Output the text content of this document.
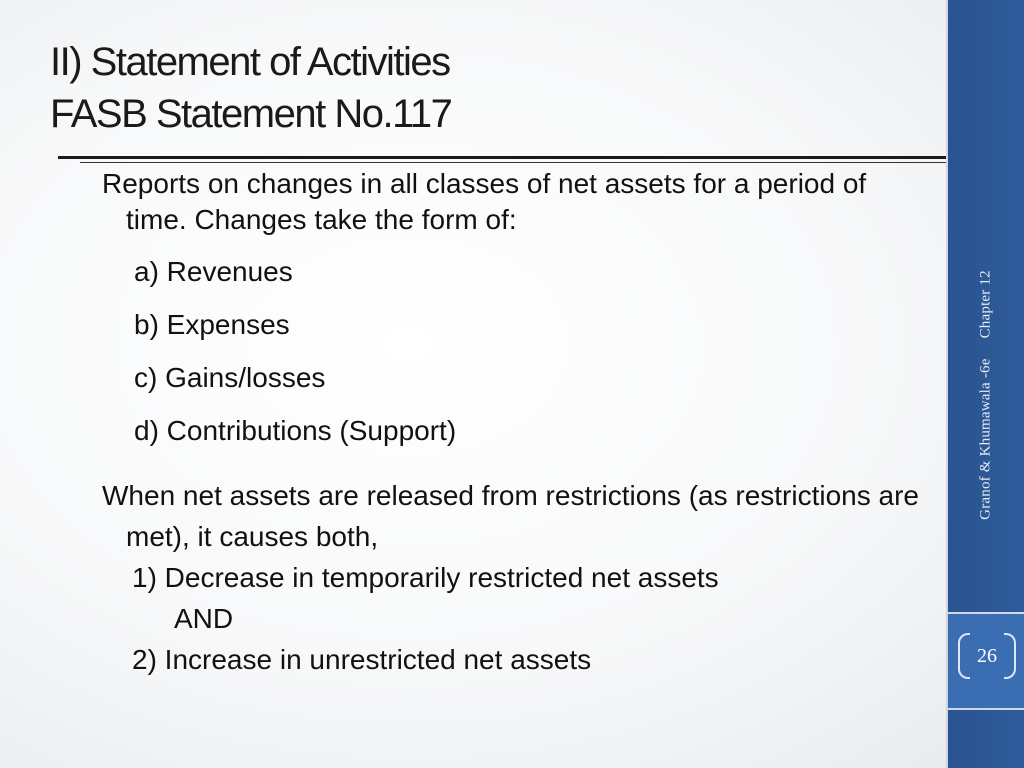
II) Statement of Activities
FASB Statement No.117

Reports on changes in all classes of net assets for a period of time. Changes take the form of:

a) Revenues
b) Expenses
c) Gains/losses
d) Contributions (Support)

When net assets are released from restrictions (as restrictions are met), it causes both,

1) Decrease in temporarily restricted net assets
AND
2) Increase in unrestricted net assets
Granof & Khumawala -6eChapter 12
26
